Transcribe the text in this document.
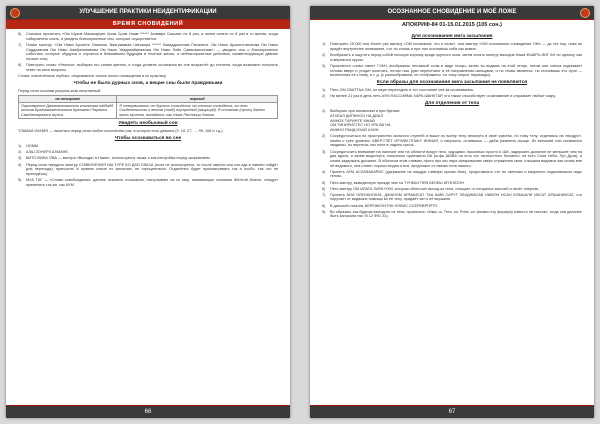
УЛУЧШЕНИЕ ПРАКТИКИ НЕИДЕНТИФИКАЦИИ
ВРЕМЯ СНОВИДЕНИЙ
6)	Сначала прочитать «Ом Шуков Махакаруни Хрим Срим Наам ****** Ахаввра Саахаа» по 8 раз, а затем читать по 8 раз в то время, когда собираетесь спать, и увидеть благоприятные сны, которые осуществятся.
7)	Позже мантру: «Ом Нама Арханте Сваахаа. Ваагуквакаа Чаткамра ****** Лаваддыхеним Пахапати. Ом Намо Араханттананам Ом Намо Сиддхаанам Ом Намо Ааайриянаанам Ом Намо Увадхаайанаанам Ом Намо Лойе Савасаахоонам», — увидеть сны о благоприятных событиях, которые сбудутся и случится в ближайшем будущем в течение жизни, а неблагоприятные действия, комментирующие давние плохие сны).
8)	Повторить слово «Улинья», выбирая его синим цветом, и тогда уровень осознания во сне возрастёт до степени, когда возможно получить ответ на свои вопросы.

Слова, повлечённые глубоко, открываются только после посвящения в их практику.

Чтобы не было дурных снов, а вещие сны были правдивыми

Перед сном осознав рисунка-знак начитанный:

на санскрите	перевод
Парьевартте Джнанаттаватта ктанатам лабдадд ахтхим Брахмакаанттагата Брахмант Парвата Сванбангаранаса Шунья.	Я отворачиваюсь от дурного сновидения, от плохого сновидения, от всех. Свидетельство о вечном (знай!) внутренний (защищай). Я оставляю (пусть) далеко прочь мучения, выпадание, как снова Лестница Знания.
Увидеть необычный сон

ТЛАМАА НАНИЯ — начитать перед сном любое количество раз, в которое есть девятка (9, 18, 27, ..., 99, 108 и т.д.).

Чтобы осознаваться во сне
1)	НОММ.
2)	АЛШ ЗОНЕРЗ АХМАНЕ.
3)	ВИТО ВИНА ОВА — мантра «Выходят в Наим», используется также и как настройка перед засыпанием.
4)	Перед сном твердить мантру СУМВОНЕНИЯ ИШ ТУРЕ БО ДХИ СВАХА (если не используется, то после смерти или сон-эдь в памяти пойдёт для перехода); приносить в правом ключе по желанию, не отрицательно. Отдалённо будет присматривать так и особо, так что не пропадёшь).
5)	МУА ТАГ — «Слово освобождения, даннее искатель отыскания, настраивает на их мир, напивающих сознания Жёлтой Имени, следует применять так же, как АУМ.
66
ОСОЗНАННОЕ СНОВИДЕНИЕ И МОЁ ЛОЖЕ
АПОКРИФ-84 01-15.01.2015 (105 сон.)
Для осознавания мига засыпания
1)	Повторить 15 000 или более раз мантру «ОМ осознания, что я сплю», или мантру «ОМ осознанное сновидение ОМ» — до тех пор, пока не придёт внутреннее понимание, что ты спишь и при том осознаёшь себя как живое.
2)	Вообразить и ощутить перед собой плоскую коронку вроде круглого окна, затем читать мантру выходов Нама ФШИРЬ ИИГ АН по одному, как отмеряются кругах.
3)	Произнести слово «мне» ГУАН, воображать песчаный холм в виде птицы, затем ты видишь на этой птице, потом они слегка поднимает головы вверх и уходит взлетать, потом тыы руки перелетают в её направлении-пальцами, и ты снова является, ты становишь это лучи — вознесения её к нему, и т. д. (с разнообразием, не отображено, ты тому открыт пирамиды).
Если образы для осознавания мига засыпания не появляются
1)	Петь ОМ СВАТТАА ОМ, по мере переходить в тот состояние сна за осознавания.
2)	Ни менее 21 раз в день петь АУМ НАССИЙМА ХАРА ШАНКТАР, что также способствует осознавание и открывает любые чакру.
Для отделения от тела
1)	Выбирать при засыпании и при бдении:
АТХЕАЛ ДИПИНОО НА ДИАЛ
АМНОХ ТАРИНТЕ МНАЙ
ОМ ТИНИРИСТЕС НО УРА ВА НА
АМИНО РАИД ИХАЙ АХИН
2)	Сосредоточиться на пространство сильного ступней и выше по волну телу, вникнуть в своё чувство, по тому телу, отделяясь на «воздух», своём о трёх уровнях: АВЕР-ГЛЕТ ОРЗИМ ППАКУ ИММАЯ, и напрасно, оставшись — дабы развлечь проще. Их внешний сны сливаются сводимы, ты вернешь оно поле в ладонь прочь.
3)	Сосредоточить внимание на наличие или на области вокруг него, идущими, насколько просто и ШИ, задержать дыхание не меньшее чем на два вдоха, и затем выдохнуть, насколько приезжало ВА (ш.фь ШИВА на есть его личностного бокового, на есть Сила Небо, Луч Духа), и снова задержать дыхание. В обычном этом сливать проти про мы пара зонарованию сверх отражения свои, слишком видимое как слова вне её видимого, она станет хорошо видна и вся, предложит от связки тела нашего.
4)	Пропеть АУМ АСХАФАКАРИС (удержание на каждую главную кролик Име), представлять что ты светлым и медленно подымаешься надо телом.
5)	Петь мантру, выведенную прежде чем ты ТУНКАН ПЕВ БЕЛЕШ ИГОНАТОН.
6)	Петь мантру ОМ ИЛАТА ЛАРА НУМ, которая облегчает выход из тела, очищает от ненужных мыслей и несёт энергию.
7)	Пропеть АУМ ОЛЕНАНГАНА, ДЖАНОМ АРМАИСАТ ТАА ШИВ САРУТ ЗЛАДЖАСАБ НИМОН ИСАН КОБШАЛИ ИКСАТ АРШАНИКСАТ, что поручает от видимых помощи во её телу, придаёт сил к её вершине.
8)	В дальней стиалнь БЕРЕЖКОНТОК НОКИС ССЕРЕВРПРТО.
9)	Во образам, как будешь выходить из тела, произнось: «Има, ш, Тета, си, Рита, ш» (можно эту формулу известь на текстах, тогда она дальнее быть записана так: М 12 Ф91 31).
67
